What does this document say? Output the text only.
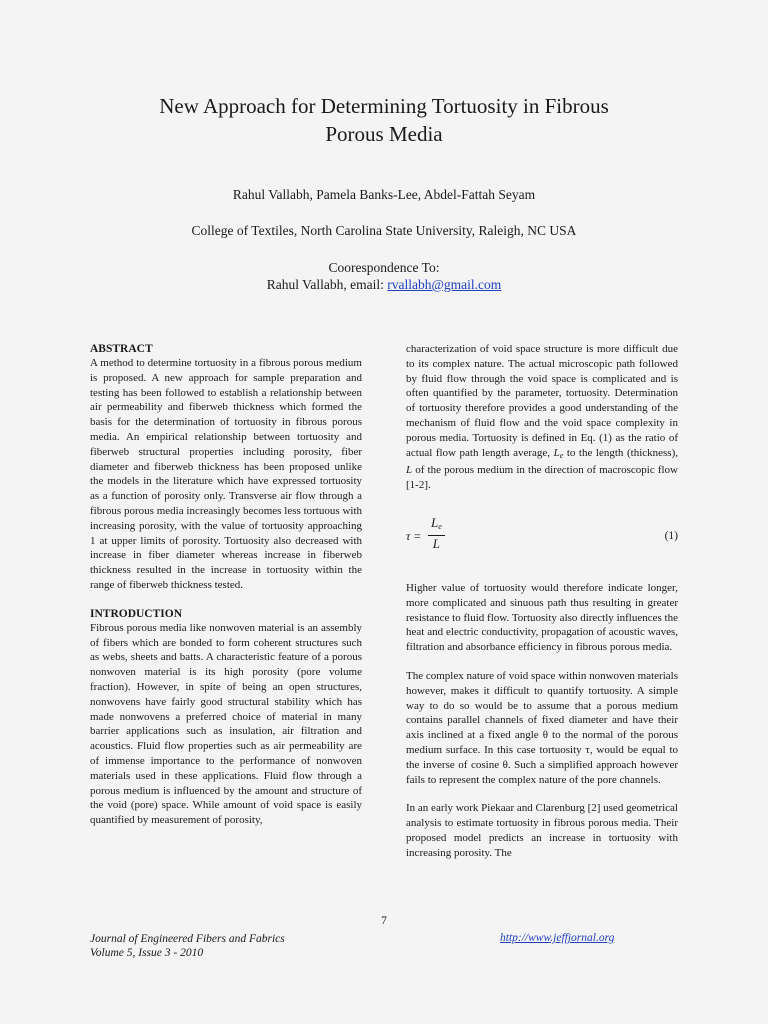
New Approach for Determining Tortuosity in Fibrous
Porous Media
Rahul Vallabh, Pamela Banks-Lee, Abdel-Fattah Seyam
College of Textiles, North Carolina State University, Raleigh, NC USA
Coorespondence To:
Rahul Vallabh, email: rvallabh@gmail.com
ABSTRACT

A method to determine tortuosity in a fibrous porous medium is proposed. A new approach for sample preparation and testing has been followed to establish a relationship between air permeability and fiberweb thickness which formed the basis for the determination of tortuosity in fibrous porous media. An empirical relationship between tortuosity and fiberweb structural properties including porosity, fiber diameter and fiberweb thickness has been proposed unlike the models in the literature which have expressed tortuosity as a function of porosity only. Transverse air flow through a fibrous porous media increasingly becomes less tortuous with increasing porosity, with the value of tortuosity approaching 1 at upper limits of porosity. Tortuosity also decreased with increase in fiber diameter whereas increase in fiberweb thickness resulted in the increase in tortuosity within the range of fiberweb thickness tested.

INTRODUCTION

Fibrous porous media like nonwoven material is an assembly of fibers which are bonded to form coherent structures such as webs, sheets and batts. A characteristic feature of a porous nonwoven material is its high porosity (pore volume fraction). However, in spite of being an open structures, nonwovens have fairly good structural stability which has made nonwovens a preferred choice of material in many barrier applications such as insulation, air filtration and acoustics. Fluid flow properties such as air permeability are of immense importance to the performance of nonwoven materials used in these applications. Fluid flow through a porous medium is influenced by the amount and structure of the void (pore) space. While amount of void space is easily quantified by measurement of porosity,

characterization of void space structure is more difficult due to its complex nature. The actual microscopic path followed by fluid flow through the void space is complicated and is often quantified by the parameter, tortuosity. Determination of tortuosity therefore provides a good understanding of the mechanism of fluid flow and the void space complexity in porous media. Tortuosity is defined in Eq. (1) as the ratio of actual flow path length average, $L_e$ to the length (thickness), L of the porous medium in the direction of macroscopic flow [1-2].

$\tau = \frac{L_e}{L}$	(1)

Higher value of tortuosity would therefore indicate longer, more complicated and sinuous path thus resulting in greater resistance to fluid flow. Tortuosity also directly influences the heat and electric conductivity, propagation of acoustic waves, filtration and absorbance efficiency in fibrous porous media.

The complex nature of void space within nonwoven materials however, makes it difficult to quantify tortuosity. A simple way to do so would be to assume that a porous medium contains parallel channels of fixed diameter and have their axis inclined at a fixed angle θ to the normal of the porous medium surface. In this case tortuosity τ, would be equal to the inverse of cosine θ. Such a simplified approach however fails to represent the complex nature of the pore channels.

In an early work Piekaar and Clarenburg [2] used geometrical analysis to estimate tortuosity in fibrous porous media. Their proposed model predicts an increase in tortuosity with increasing porosity. The

7
Journal of Engineered Fibers and Fabrics
Volume 5, Issue 3 - 2010
http://www.jeffjornal.org
